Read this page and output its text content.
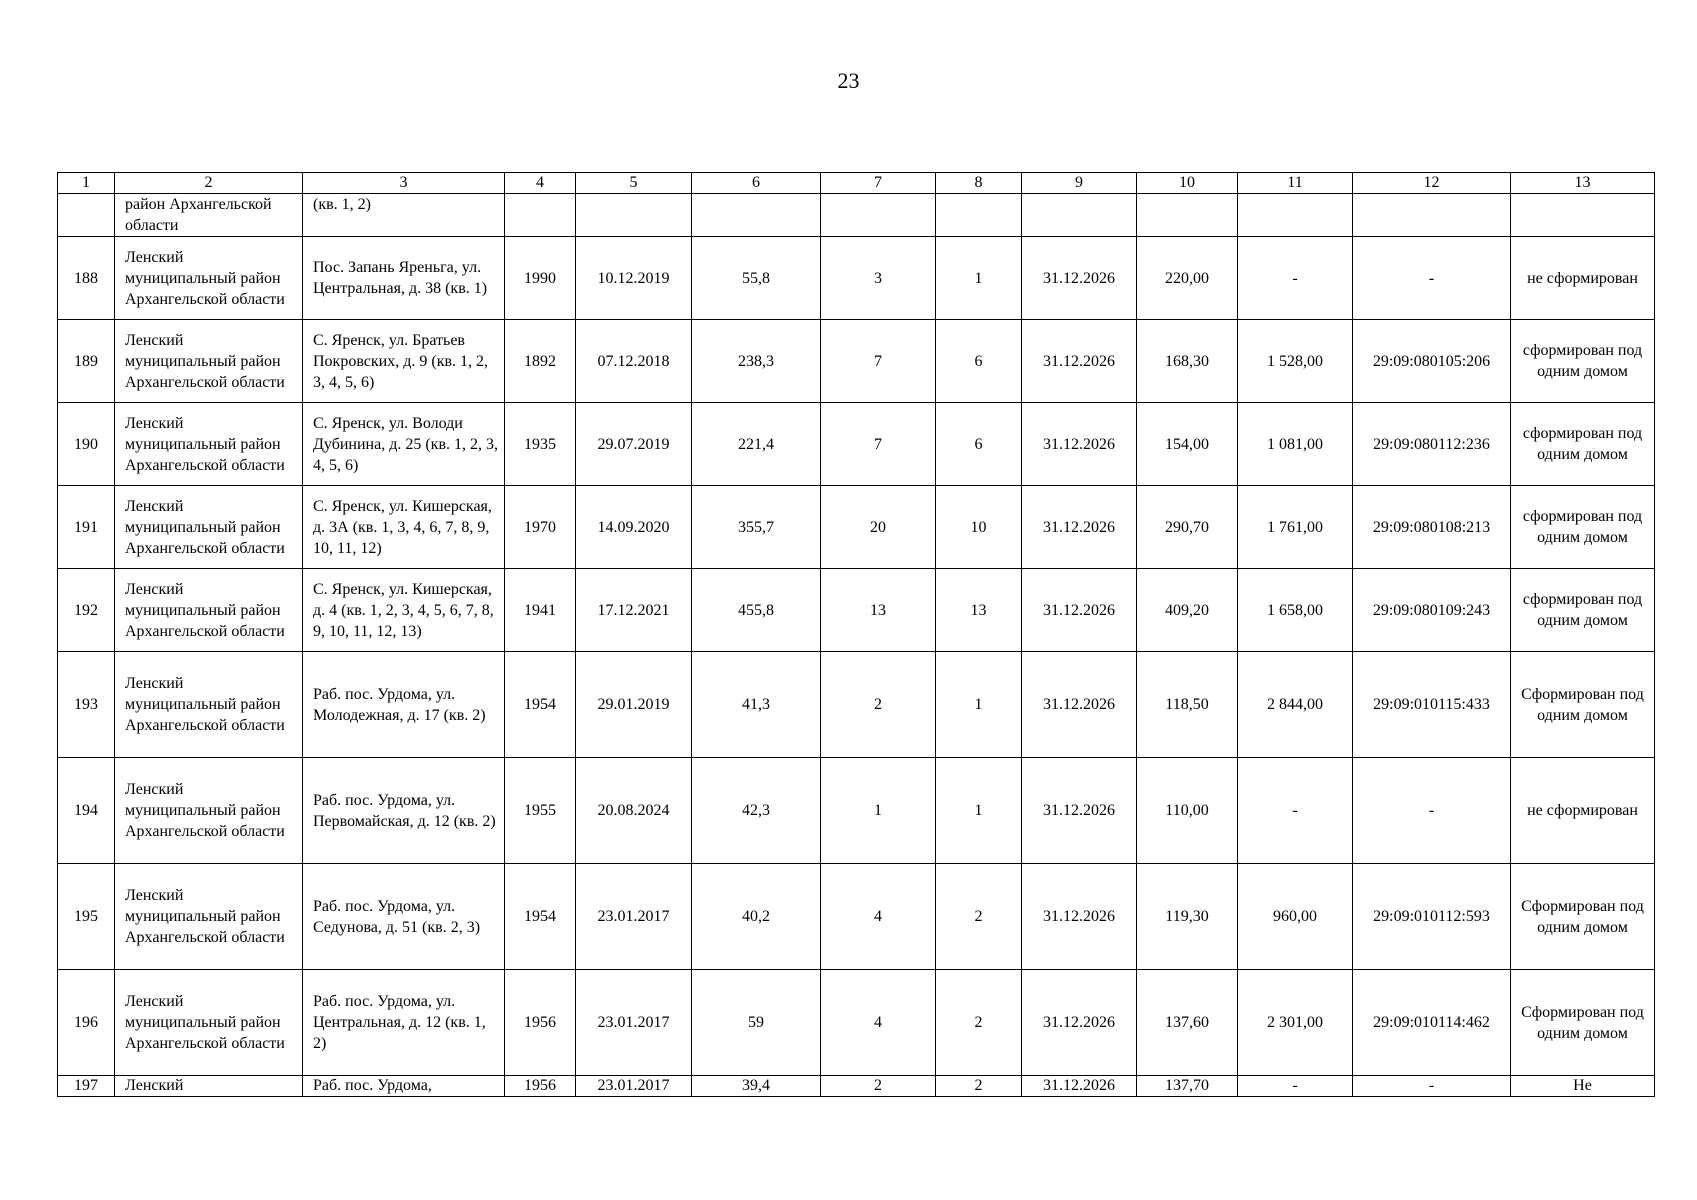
23
1	2	3	4	5	6	7	8	9	10	11	12	13
	район Архангельской области	(кв. 1, 2)										
188	Ленский муниципальный район Архангельской области	Пос. Запань Яреньга, ул. Центральная, д. 38 (кв. 1)	1990	10.12.2019	55,8	3	1	31.12.2026	220,00	-	-	не сформирован
189	Ленский муниципальный район Архангельской области	С. Яренск, ул. Братьев Покровских, д. 9 (кв. 1, 2, 3, 4, 5, 6)	1892	07.12.2018	238,3	7	6	31.12.2026	168,30	1 528,00	29:09:080105:206	сформирован под одним домом
190	Ленский муниципальный район Архангельской области	С. Яренск, ул. Володи Дубинина, д. 25 (кв. 1, 2, 3, 4, 5, 6)	1935	29.07.2019	221,4	7	6	31.12.2026	154,00	1 081,00	29:09:080112:236	сформирован под одним домом
191	Ленский муниципальный район Архангельской области	С. Яренск, ул. Кишерская, д. 3А (кв. 1, 3, 4, 6, 7, 8, 9, 10, 11, 12)	1970	14.09.2020	355,7	20	10	31.12.2026	290,70	1 761,00	29:09:080108:213	сформирован под одним домом
192	Ленский муниципальный район Архангельской области	С. Яренск, ул. Кишерская, д. 4 (кв. 1, 2, 3, 4, 5, 6, 7, 8, 9, 10, 11, 12, 13)	1941	17.12.2021	455,8	13	13	31.12.2026	409,20	1 658,00	29:09:080109:243	сформирован под одним домом
193	Ленский муниципальный район Архангельской области	Раб. пос. Урдома, ул. Молодежная, д. 17 (кв. 2)	1954	29.01.2019	41,3	2	1	31.12.2026	118,50	2 844,00	29:09:010115:433	Сформирован под одним домом
194	Ленский муниципальный район Архангельской области	Раб. пос. Урдома, ул. Первомайская, д. 12 (кв. 2)	1955	20.08.2024	42,3	1	1	31.12.2026	110,00	-	-	не сформирован
195	Ленский муниципальный район Архангельской области	Раб. пос. Урдома, ул. Седунова, д. 51 (кв. 2, 3)	1954	23.01.2017	40,2	4	2	31.12.2026	119,30	960,00	29:09:010112:593	Сформирован под одним домом
196	Ленский муниципальный район Архангельской области	Раб. пос. Урдома, ул. Центральная, д. 12 (кв. 1, 2)	1956	23.01.2017	59	4	2	31.12.2026	137,60	2 301,00	29:09:010114:462	Сформирован под одним домом
197	Ленский	Раб. пос. Урдома,	1956	23.01.2017	39,4	2	2	31.12.2026	137,70	-	-	Не
